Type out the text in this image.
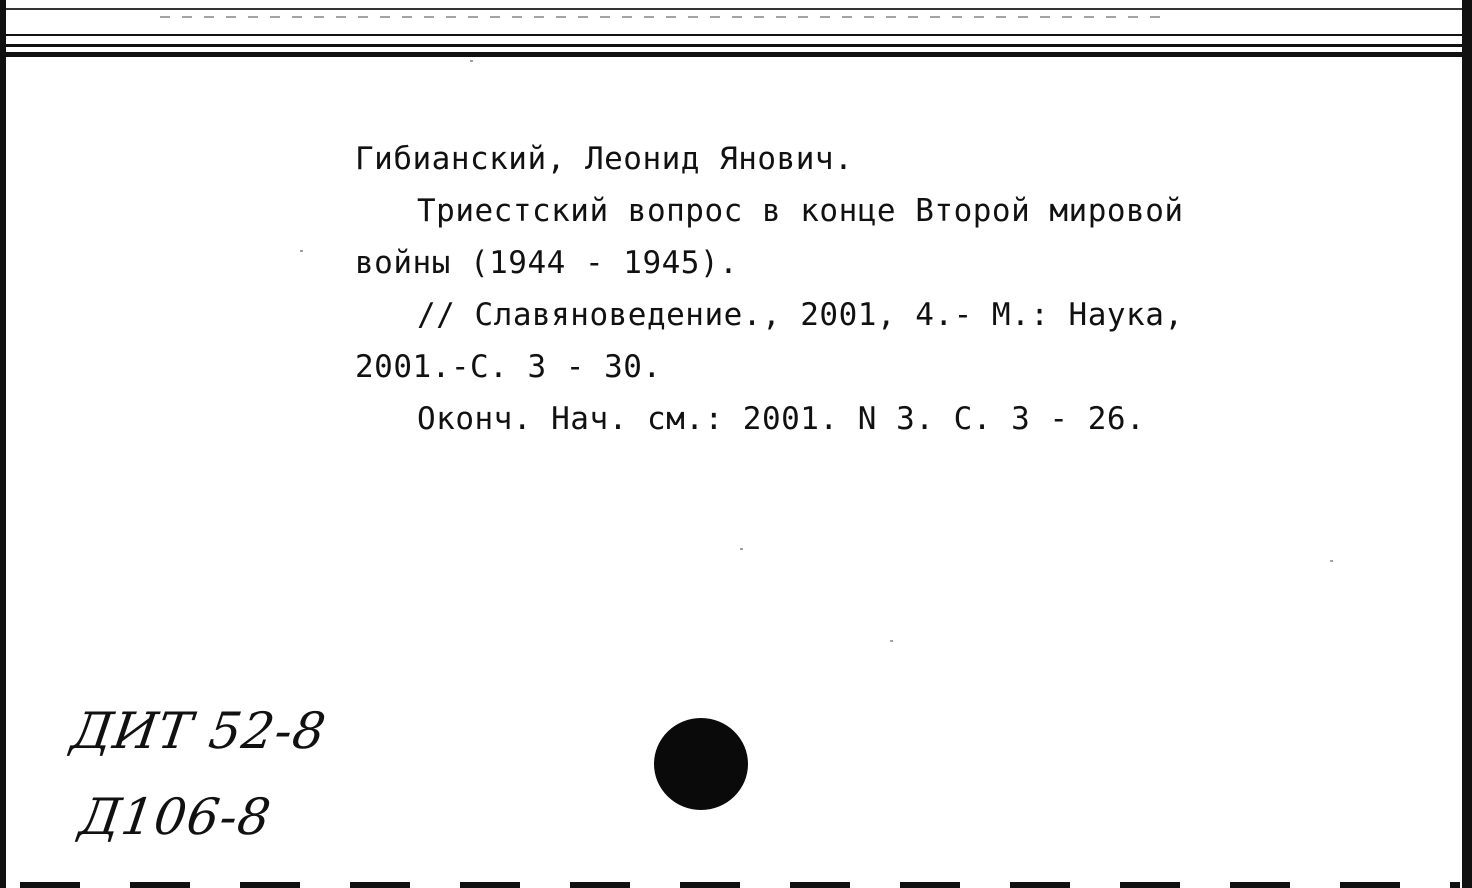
Гибианский, Леонид Янович.

Триестский вопрос в конце Второй мировой

войны (1944 - 1945).

// Славяноведение., 2001, 4.- М.: Наука,

2001.-С. 3 - 30.

Оконч. Нач. см.: 2001. N 3. С. 3 - 26.

ДИТ 52-8
Д106-8
